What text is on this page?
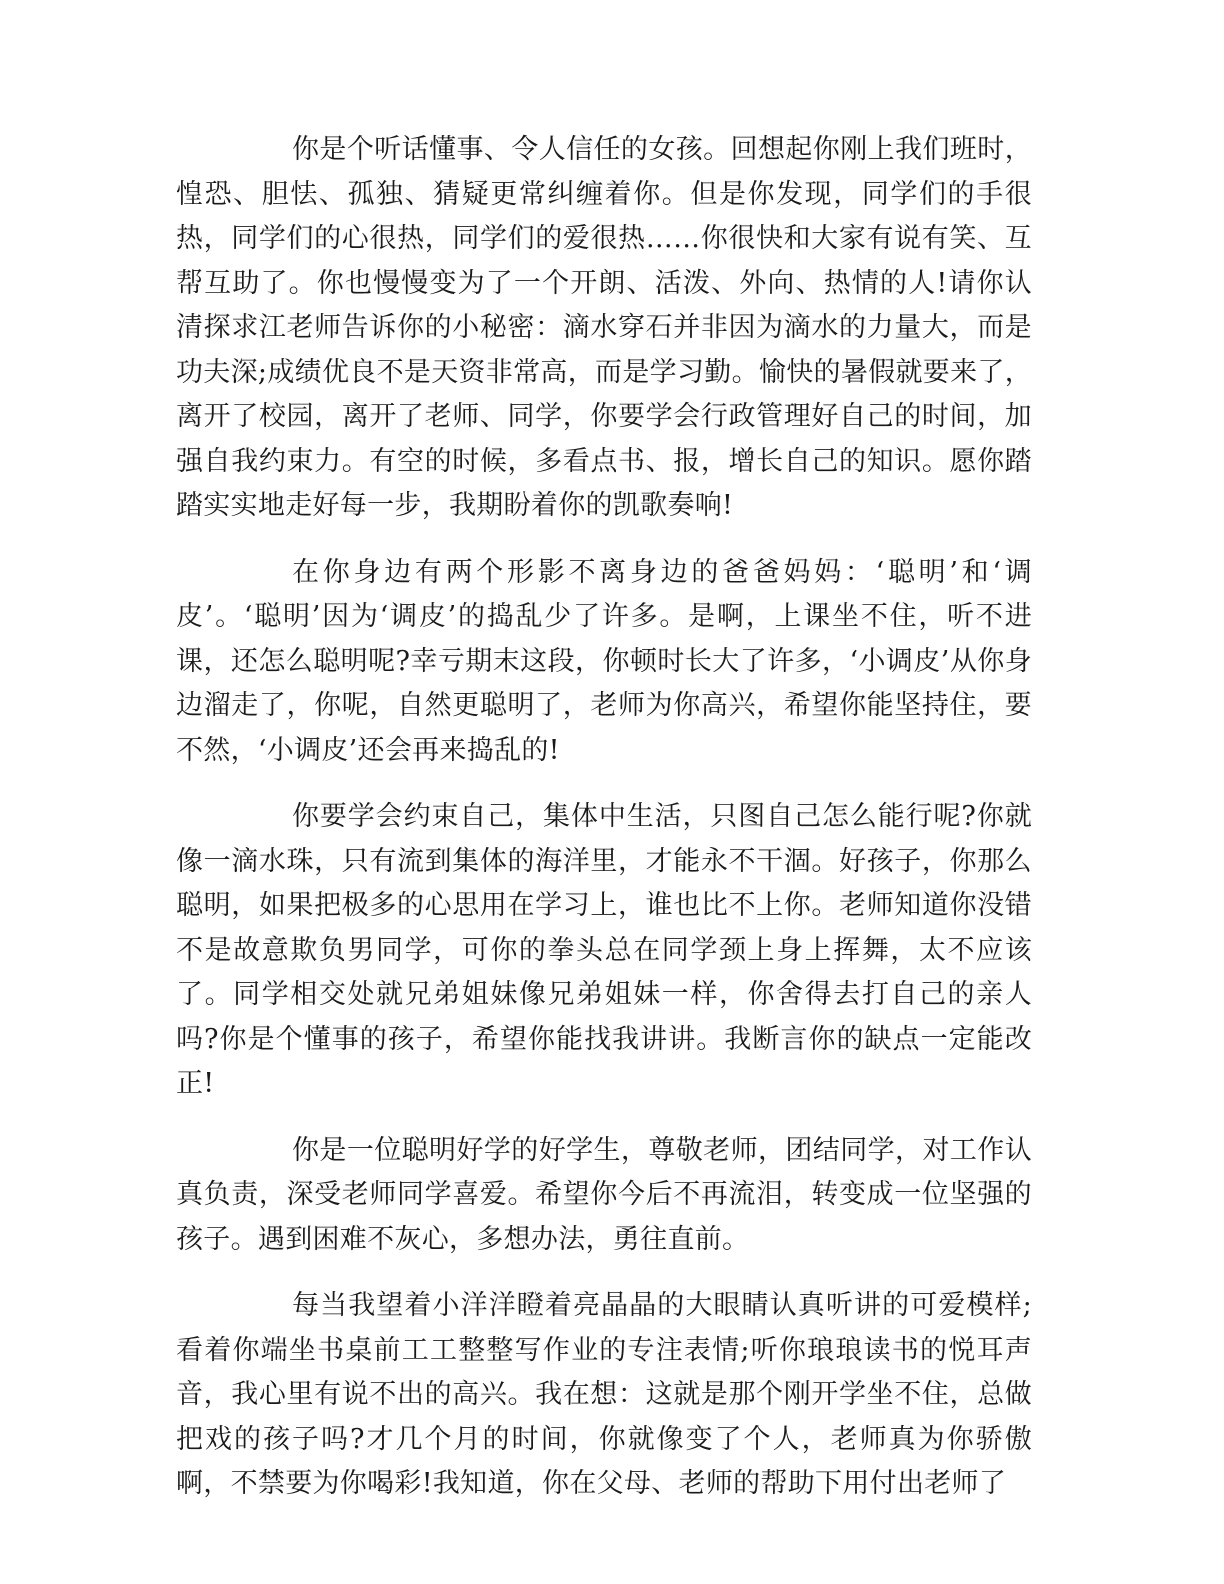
你是个听话懂事、令人信任的女孩。回想起你刚上我们班时，惶恐、胆怯、孤独、猜疑更常纠缠着你。但是你发现，同学们的手很热，同学们的心很热，同学们的爱很热……你很快和大家有说有笑、互帮互助了。你也慢慢变为了一个开朗、活泼、外向、热情的人!请你认清探求江老师告诉你的小秘密：滴水穿石并非因为滴水的力量大，而是功夫深;成绩优良不是天资非常高，而是学习勤。愉快的暑假就要来了，离开了校园，离开了老师、同学，你要学会行政管理好自己的时间，加强自我约束力。有空的时候，多看点书、报，增长自己的知识。愿你踏踏实实地走好每一步，我期盼着你的凯歌奏响!

在你身边有两个形影不离身边的爸爸妈妈：‘聪明’和‘调皮’。‘聪明’因为‘调皮’的捣乱少了许多。是啊，上课坐不住，听不进课，还怎么聪明呢?幸亏期末这段，你顿时长大了许多，‘小调皮’从你身边溜走了，你呢，自然更聪明了，老师为你高兴，希望你能坚持住，要不然，‘小调皮’还会再来捣乱的!

你要学会约束自己，集体中生活，只图自己怎么能行呢?你就像一滴水珠，只有流到集体的海洋里，才能永不干涸。好孩子，你那么聪明，如果把极多的心思用在学习上，谁也比不上你。老师知道你没错不是故意欺负男同学，可你的拳头总在同学颈上身上挥舞，太不应该了。同学相交处就兄弟姐妹像兄弟姐妹一样，你舍得去打自己的亲人吗?你是个懂事的孩子，希望你能找我讲讲。我断言你的缺点一定能改正!

你是一位聪明好学的好学生，尊敬老师，团结同学，对工作认真负责，深受老师同学喜爱。希望你今后不再流泪，转变成一位坚强的孩子。遇到困难不灰心，多想办法，勇往直前。

每当我望着小洋洋瞪着亮晶晶的大眼睛认真听讲的可爱模样;看着你端坐书桌前工工整整写作业的专注表情;听你琅琅读书的悦耳声音，我心里有说不出的高兴。我在想：这就是那个刚开学坐不住，总做把戏的孩子吗?才几个月的时间，你就像变了个人，老师真为你骄傲啊，不禁要为你喝彩!我知道，你在父母、老师的帮助下用付出老师了
